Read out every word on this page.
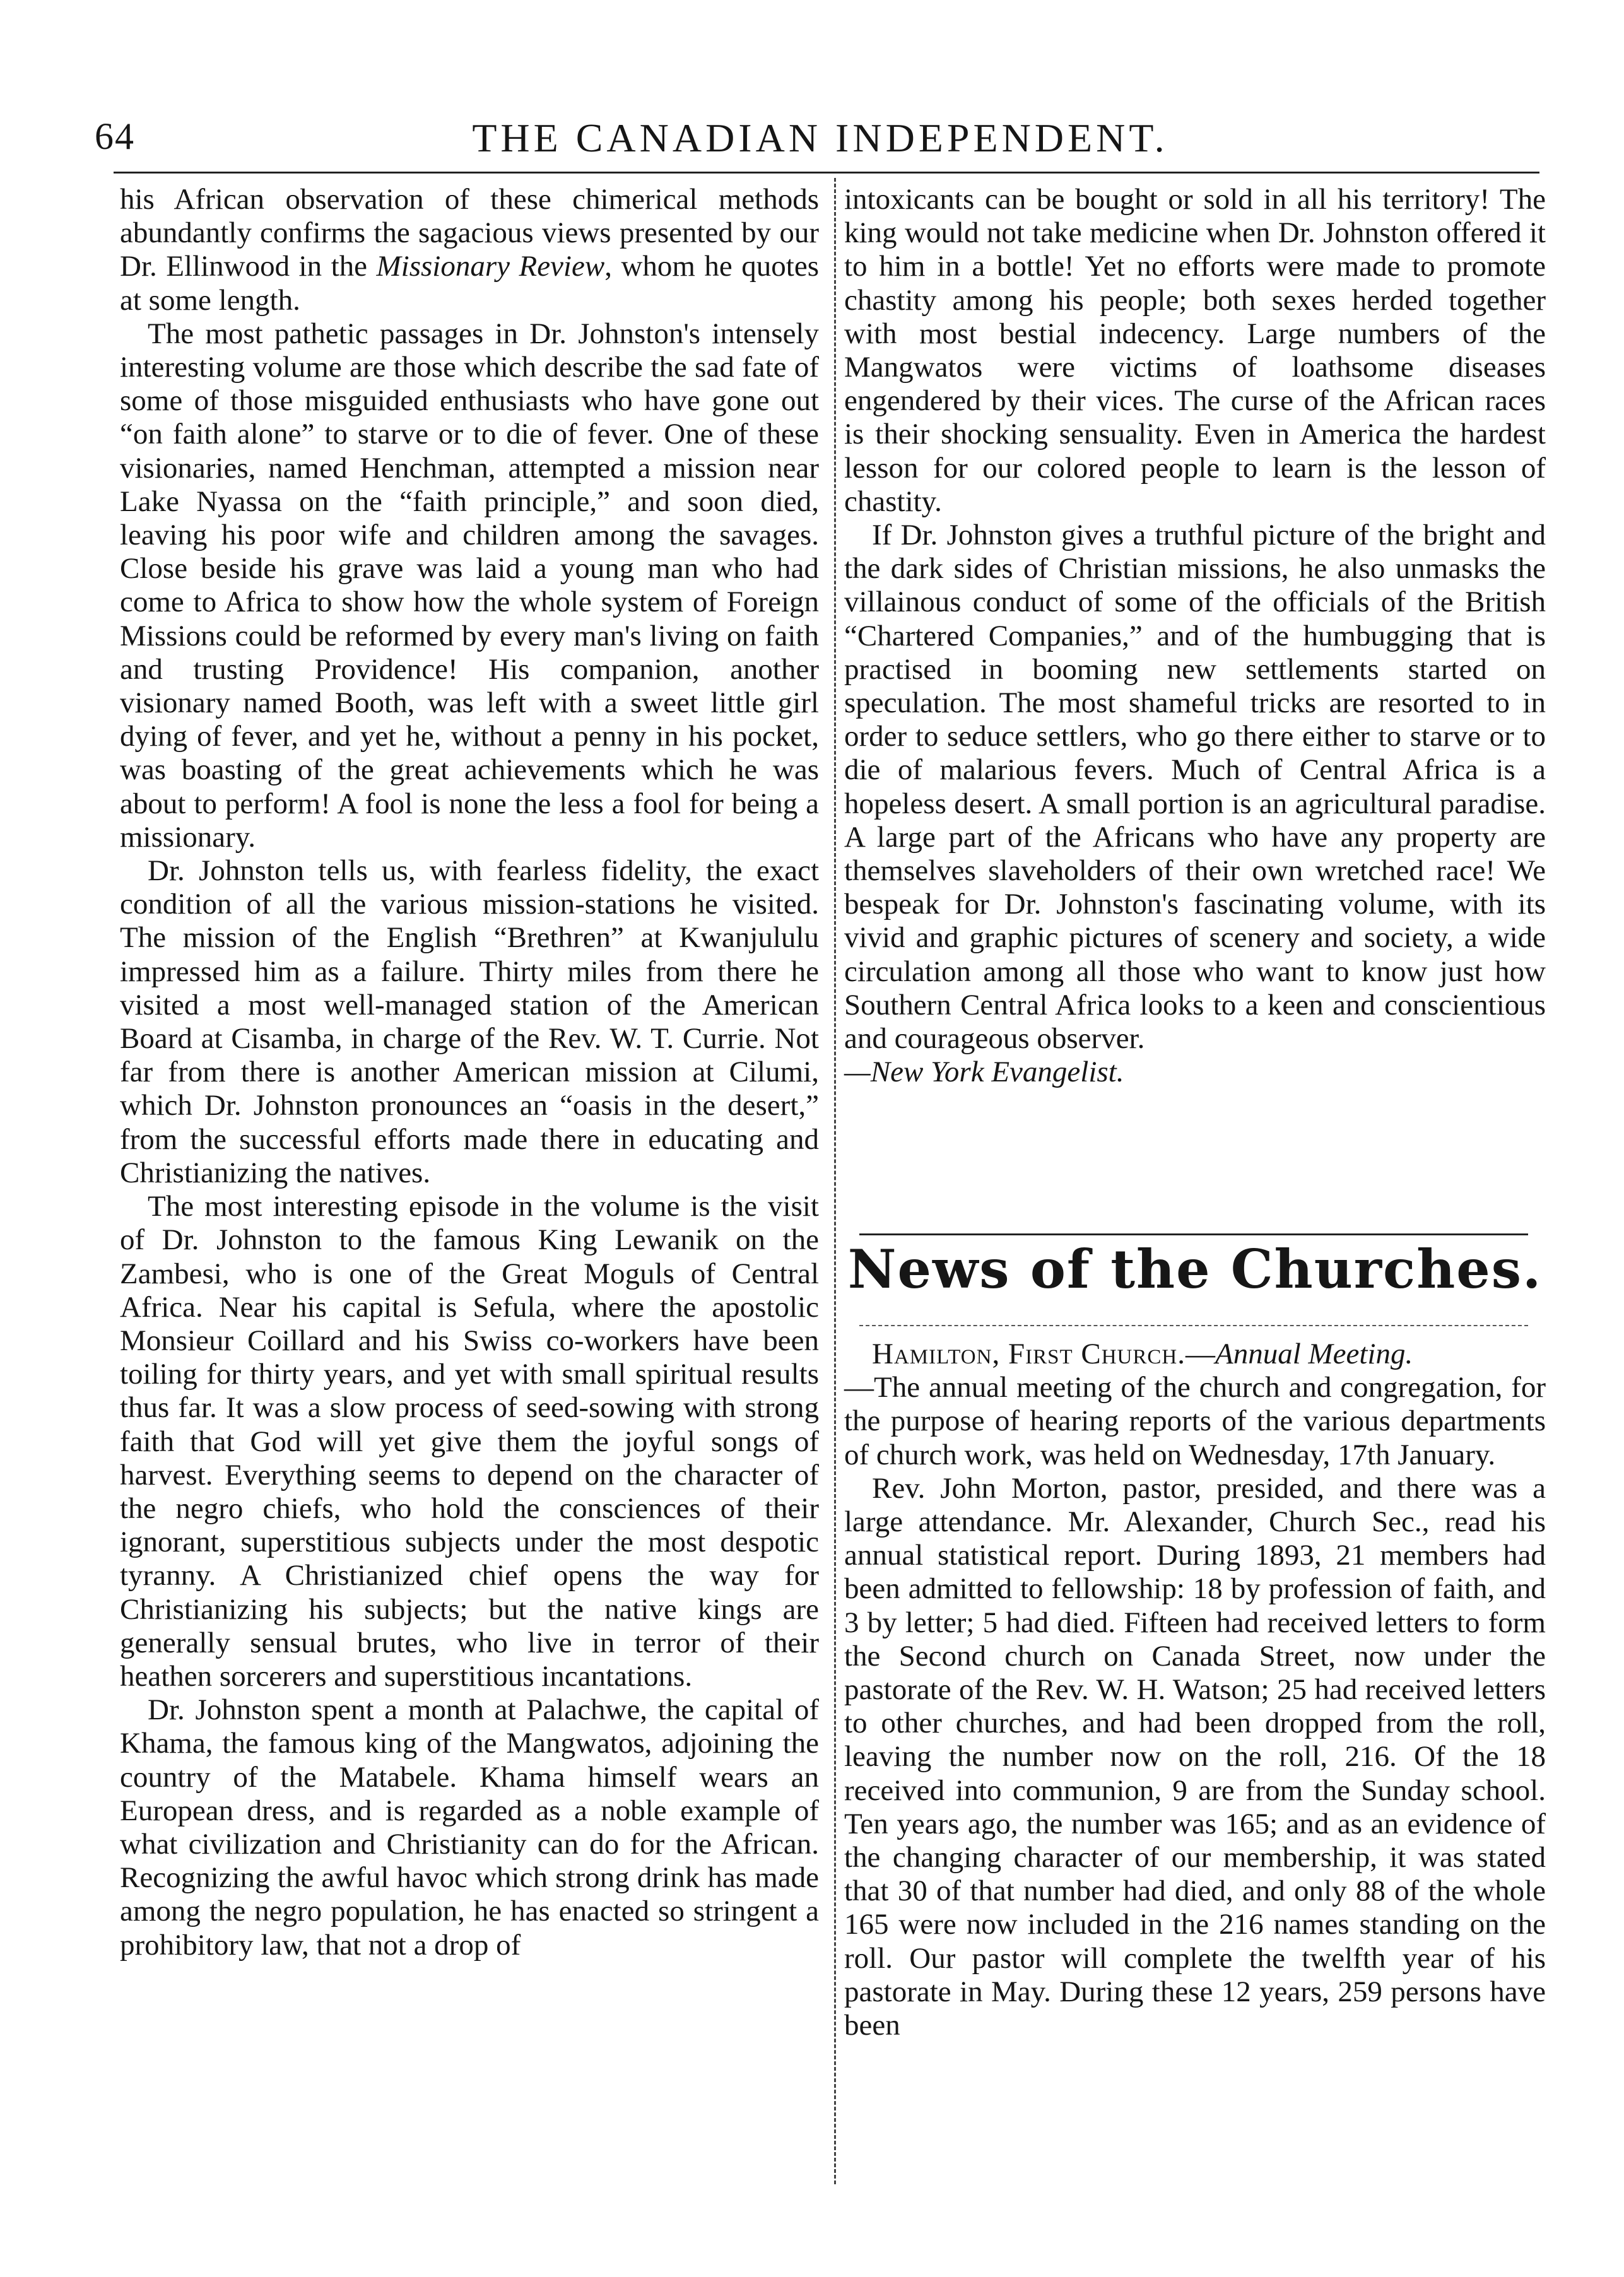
64	THE CANADIAN INDEPENDENT.

his African observation of these chimerical methods abundantly confirms the sagacious views presented by our Dr. Ellinwood in the Missionary Review, whom he quotes at some length.

The most pathetic passages in Dr. Johnston's intensely interesting volume are those which describe the sad fate of some of those misguided enthusiasts who have gone out “on faith alone” to starve or to die of fever. One of these visionaries, named Henchman, attempted a mission near Lake Nyassa on the “faith principle,” and soon died, leaving his poor wife and children among the savages. Close beside his grave was laid a young man who had come to Africa to show how the whole system of Foreign Missions could be reformed by every man's living on faith and trusting Providence! His companion, another visionary named Booth, was left with a sweet little girl dying of fever, and yet he, without a penny in his pocket, was boasting of the great achievements which he was about to perform! A fool is none the less a fool for being a missionary.

Dr. Johnston tells us, with fearless fidelity, the exact condition of all the various mission-stations he visited. The mission of the English “Brethren” at Kwanjululu impressed him as a failure. Thirty miles from there he visited a most well-managed station of the American Board at Cisamba, in charge of the Rev. W. T. Currie. Not far from there is another American mission at Cilumi, which Dr. Johnston pronounces an “oasis in the desert,” from the successful efforts made there in educating and Christianizing the natives.

The most interesting episode in the volume is the visit of Dr. Johnston to the famous King Lewanik on the Zambesi, who is one of the Great Moguls of Central Africa. Near his capital is Sefula, where the apostolic Monsieur Coillard and his Swiss co-workers have been toiling for thirty years, and yet with small spiritual results thus far. It was a slow process of seed-sowing with strong faith that God will yet give them the joyful songs of harvest. Everything seems to depend on the character of the negro chiefs, who hold the consciences of their ignorant, superstitious subjects under the most despotic tyranny. A Christianized chief opens the way for Christianizing his subjects; but the native kings are generally sensual brutes, who live in terror of their heathen sorcerers and superstitious incantations.

Dr. Johnston spent a month at Palachwe, the capital of Khama, the famous king of the Mangwatos, adjoining the country of the Matabele. Khama himself wears an European dress, and is regarded as a noble example of what civilization and Christianity can do for the African. Recognizing the awful havoc which strong drink has made among the negro population, he has enacted so stringent a prohibitory law, that not a drop of

intoxicants can be bought or sold in all his territory! The king would not take medicine when Dr. Johnston offered it to him in a bottle! Yet no efforts were made to promote chastity among his people; both sexes herded together with most bestial indecency. Large numbers of the Mangwatos were victims of loathsome diseases engendered by their vices. The curse of the African races is their shocking sensuality. Even in America the hardest lesson for our colored people to learn is the lesson of chastity.

If Dr. Johnston gives a truthful picture of the bright and the dark sides of Christian missions, he also unmasks the villainous conduct of some of the officials of the British “Chartered Companies,” and of the humbugging that is practised in booming new settlements started on speculation. The most shameful tricks are resorted to in order to seduce settlers, who go there either to starve or to die of malarious fevers. Much of Central Africa is a hopeless desert. A small portion is an agricultural paradise. A large part of the Africans who have any property are themselves slaveholders of their own wretched race! We bespeak for Dr. Johnston's fascinating volume, with its vivid and graphic pictures of scenery and society, a wide circulation among all those who want to know just how Southern Central Africa looks to a keen and conscientious and courageous observer.

—New York Evangelist.

News of the Churches.

Hamilton, First Church.—Annual Meeting.

—The annual meeting of the church and congregation, for the purpose of hearing reports of the various departments of church work, was held on Wednesday, 17th January.

Rev. John Morton, pastor, presided, and there was a large attendance. Mr. Alexander, Church Sec., read his annual statistical report. During 1893, 21 members had been admitted to fellowship: 18 by profession of faith, and 3 by letter; 5 had died. Fifteen had received letters to form the Second church on Canada Street, now under the pastorate of the Rev. W. H. Watson; 25 had received letters to other churches, and had been dropped from the roll, leaving the number now on the roll, 216. Of the 18 received into communion, 9 are from the Sunday school. Ten years ago, the number was 165; and as an evidence of the changing character of our membership, it was stated that 30 of that number had died, and only 88 of the whole 165 were now included in the 216 names standing on the roll. Our pastor will complete the twelfth year of his pastorate in May. During these 12 years, 259 persons have been
